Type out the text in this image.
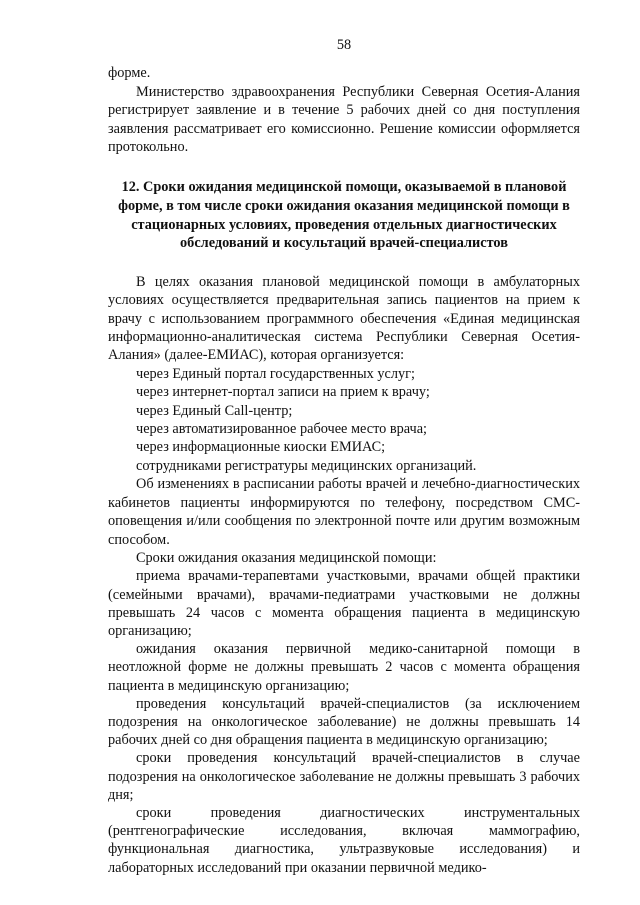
58

форме.

Министерство здравоохранения Республики Северная Осетия-Алания регистрирует заявление и в течение 5 рабочих дней со дня поступления заявления рассматривает его комиссионно. Решение комиссии оформляется протокольно.

12. Сроки ожидания медицинской помощи, оказываемой в плановой форме, в том числе сроки ожидания оказания медицинской помощи в стационарных условиях, проведения отдельных диагностических обследований и косультаций врачей-специалистов

В целях оказания плановой медицинской помощи в амбулаторных условиях осуществляется предварительная запись пациентов на прием к врачу с использованием программного обеспечения «Единая медицинская информационно-аналитическая система Республики Северная Осетия-Алания» (далее-ЕМИАС), которая организуется:

через Единый портал государственных услуг;

через интернет-портал записи на прием к врачу;

через Единый Call-центр;

через автоматизированное рабочее место врача;

через информационные киоски ЕМИАС;

сотрудниками регистратуры медицинских организаций.

Об изменениях в расписании работы врачей и лечебно-диагностических кабинетов пациенты информируются по телефону, посредством СМС-оповещения и/или сообщения по электронной почте или другим возможным способом.

Сроки ожидания оказания медицинской помощи:

приема врачами-терапевтами участковыми, врачами общей практики (семейными врачами), врачами-педиатрами участковыми не должны превышать 24 часов с момента обращения пациента в медицинскую организацию;

ожидания оказания первичной медико-санитарной помощи в неотложной форме не должны превышать 2 часов с момента обращения пациента в медицинскую организацию;

проведения консультаций врачей-специалистов (за исключением подозрения на онкологическое заболевание) не должны превышать 14 рабочих дней со дня обращения пациента в медицинскую организацию;

сроки проведения консультаций врачей-специалистов в случае подозрения на онкологическое заболевание не должны превышать 3 рабочих дня;

сроки проведения диагностических инструментальных (рентгенографические исследования, включая маммографию, функциональная диагностика, ультразвуковые исследования) и лабораторных исследований при оказании первичной медико-
